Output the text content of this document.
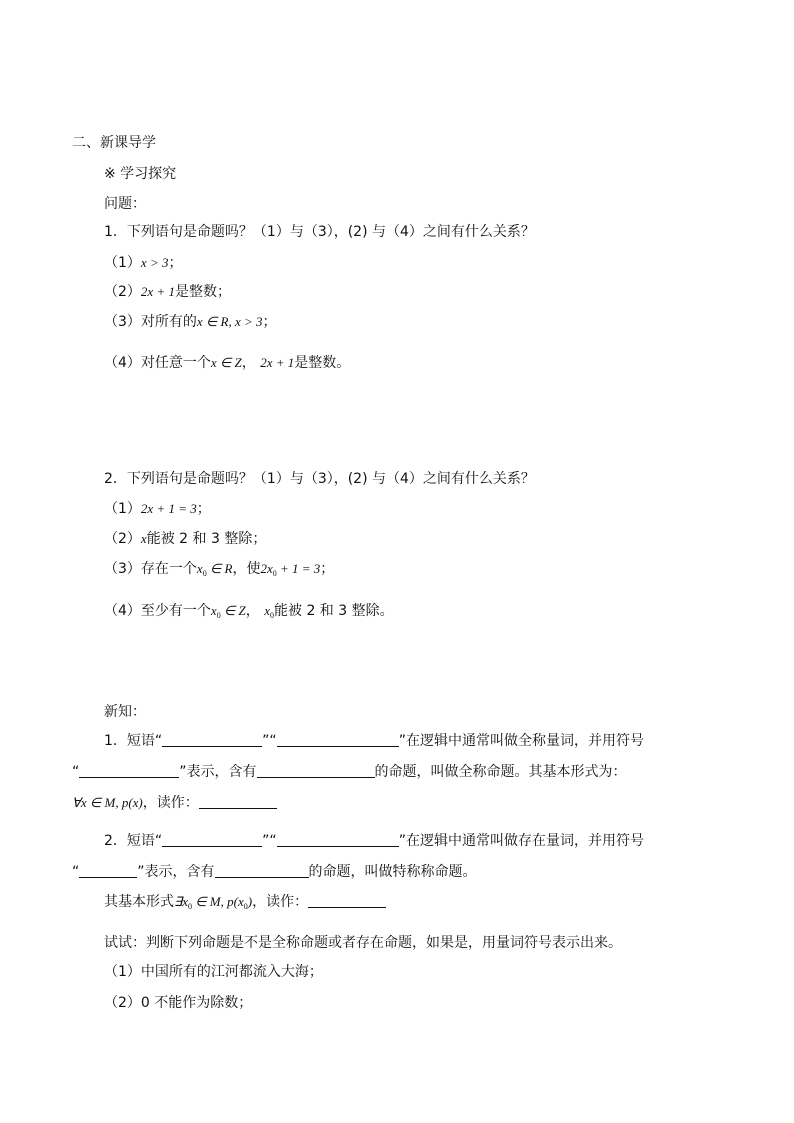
二、新课导学
※ 学习探究
问题：
1．下列语句是命题吗？（1）与（3），(2) 与（4）之间有什么关系？
（1）x > 3；
（2）2x + 1是整数；
（3）对所有的x ∈ R, x > 3；
（4）对任意一个x ∈ Z， 2x + 1是整数。
2．下列语句是命题吗？（1）与（3），(2) 与（4）之间有什么关系？
（1）2x + 1 = 3；
（2）x能被 2 和 3 整除；
（3）存在一个$x_0$ ∈ R，使$2x_0 + 1 = 3$；
（4）至少有一个$x_0$ ∈ Z， $x_0$能被 2 和 3 整除。
新知：
1．短语“	”“	”在逻辑中通常叫做全称量词，并用符号
“	”表示，含有	的命题，叫做全称命题。其基本形式为：
∀x ∈ M, p(x)，读作：
2．短语“	”“	”在逻辑中通常叫做存在量词，并用符号
“	”表示，含有	的命题，叫做特称称命题。
其基本形式$\exists x_0$ ∈ M, $p(x_0)$，读作：
试试：判断下列命题是不是全称命题或者存在命题，如果是，用量词符号表示出来。
（1）中国所有的江河都流入大海；
（2）0 不能作为除数；
